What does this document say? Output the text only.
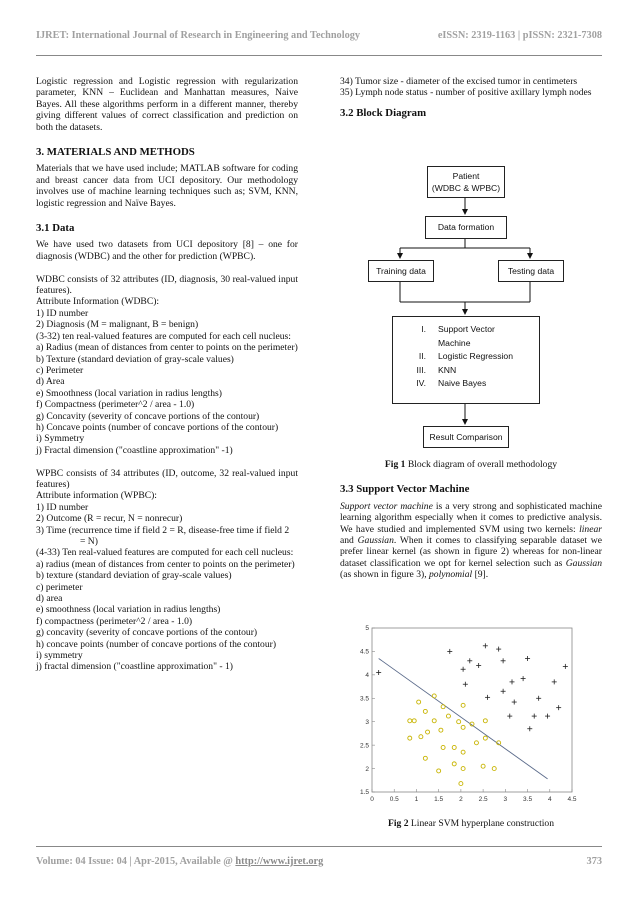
IJRET: International Journal of Research in Engineering and Technology	eISSN: 2319-1163 | pISSN: 2321-7308

Logistic regression and Logistic regression with regularization parameter, KNN – Euclidean and Manhattan measures, Naive Bayes. All these algorithms perform in a different manner, thereby giving different values of correct classification and prediction on both the datasets.

3. MATERIALS AND METHODS

Materials that we have used include; MATLAB software for coding and breast cancer data from UCI depository. Our methodology involves use of machine learning techniques such as; SVM, KNN, logistic regression and Naïve Bayes.

3.1 Data

We have used two datasets from UCI depository [8] – one for diagnosis (WDBC) and the other for prediction (WPBC).

WDBC consists of 32 attributes (ID, diagnosis, 30 real-valued input features).

Attribute Information (WDBC):

1) ID number

2) Diagnosis (M = malignant, B = benign)

(3-32) ten real-valued features are computed for each cell nucleus:

a) Radius (mean of distances from center to points on the perimeter)

b) Texture (standard deviation of gray-scale values)

c) Perimeter

d) Area

e) Smoothness (local variation in radius lengths)

f) Compactness (perimeter^2 / area - 1.0)

g) Concavity (severity of concave portions of the contour)

h) Concave points (number of concave portions of the contour)

i) Symmetry

j) Fractal dimension ("coastline approximation" -1)

WPBC consists of 34 attributes (ID, outcome, 32 real-valued input features)

Attribute information (WPBC):

1) ID number

2) Outcome (R = recur, N = nonrecur)

3) Time (recurrence time if field 2 = R, disease-free time if field 2

= N)

(4-33) Ten real-valued features are computed for each cell nucleus:

a) radius (mean of distances from center to points on the perimeter)

b) texture (standard deviation of gray-scale values)

c) perimeter

d) area

e) smoothness (local variation in radius lengths)

f) compactness (perimeter^2 / area - 1.0)

g) concavity (severity of concave portions of the contour)

h) concave points (number of concave portions of the contour)

i) symmetry

j) fractal dimension ("coastline approximation" - 1)

34) Tumor size - diameter of the excised tumor in centimeters

35) Lymph node status - number of positive axillary lymph nodes

3.2 Block Diagram

Patient
(WDBC & WPBC)
Data formation
Training data	Testing data
I.	Support Vector
Machine
II.	Logistic Regression
III.	KNN
IV.	Naive Bayes
Result Comparison

Fig 1 Block diagram of overall methodology

3.3 Support Vector Machine

Support vector machine is a very strong and sophisticated machine learning algorithm especially when it comes to predictive analysis. We have studied and implemented SVM using two kernels: linear and Gaussian. When it comes to classifying separable dataset we prefer linear kernel (as shown in figure 2) whereas for non-linear dataset classification we opt for kernel selection such as Gaussian (as shown in figure 3), polynomial [9].

0 0.5 1 1.5 2 2.5 3 3.5 4 4.5
1.5
2
2.5
3
3.5
4
4.5
5
Fig 2 Linear SVM hyperplane construction
Volume: 04 Issue: 04 | Apr-2015, Available @ http://www.ijret.org	373
